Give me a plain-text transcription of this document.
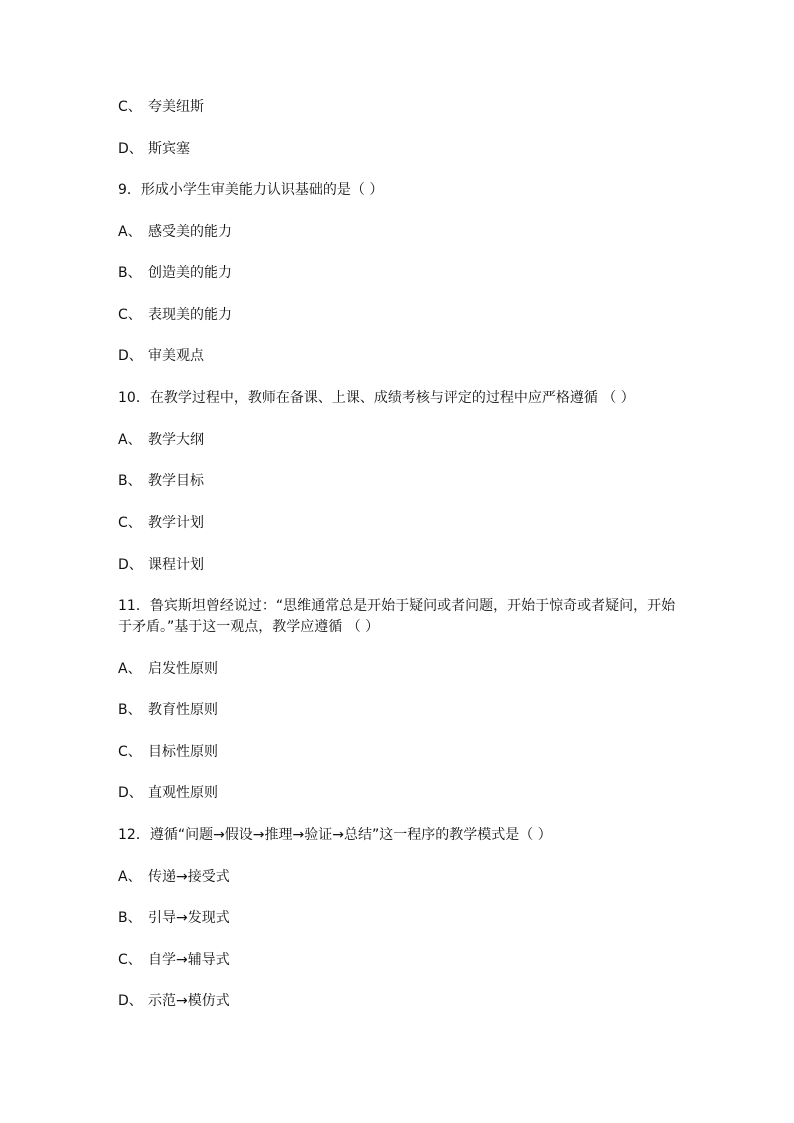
C、 夸美纽斯
D、 斯宾塞
9．形成小学生审美能力认识基础的是（ ）
A、 感受美的能力
B、 创造美的能力
C、 表现美的能力
D、 审美观点
10．在教学过程中，教师在备课、上课、成绩考核与评定的过程中应严格遵循 （ ）
A、 教学大纲
B、 教学目标
C、 教学计划
D、 课程计划
11．鲁宾斯坦曾经说过：“思维通常总是开始于疑问或者问题，开始于惊奇或者疑问，开始于矛盾。”基于这一观点，教学应遵循 （ ）
A、 启发性原则
B、 教育性原则
C、 目标性原则
D、 直观性原则
12．遵循“问题→假设→推理→验证→总结”这一程序的教学模式是（ ）
A、 传递→接受式
B、 引导→发现式
C、 自学→辅导式
D、 示范→模仿式
